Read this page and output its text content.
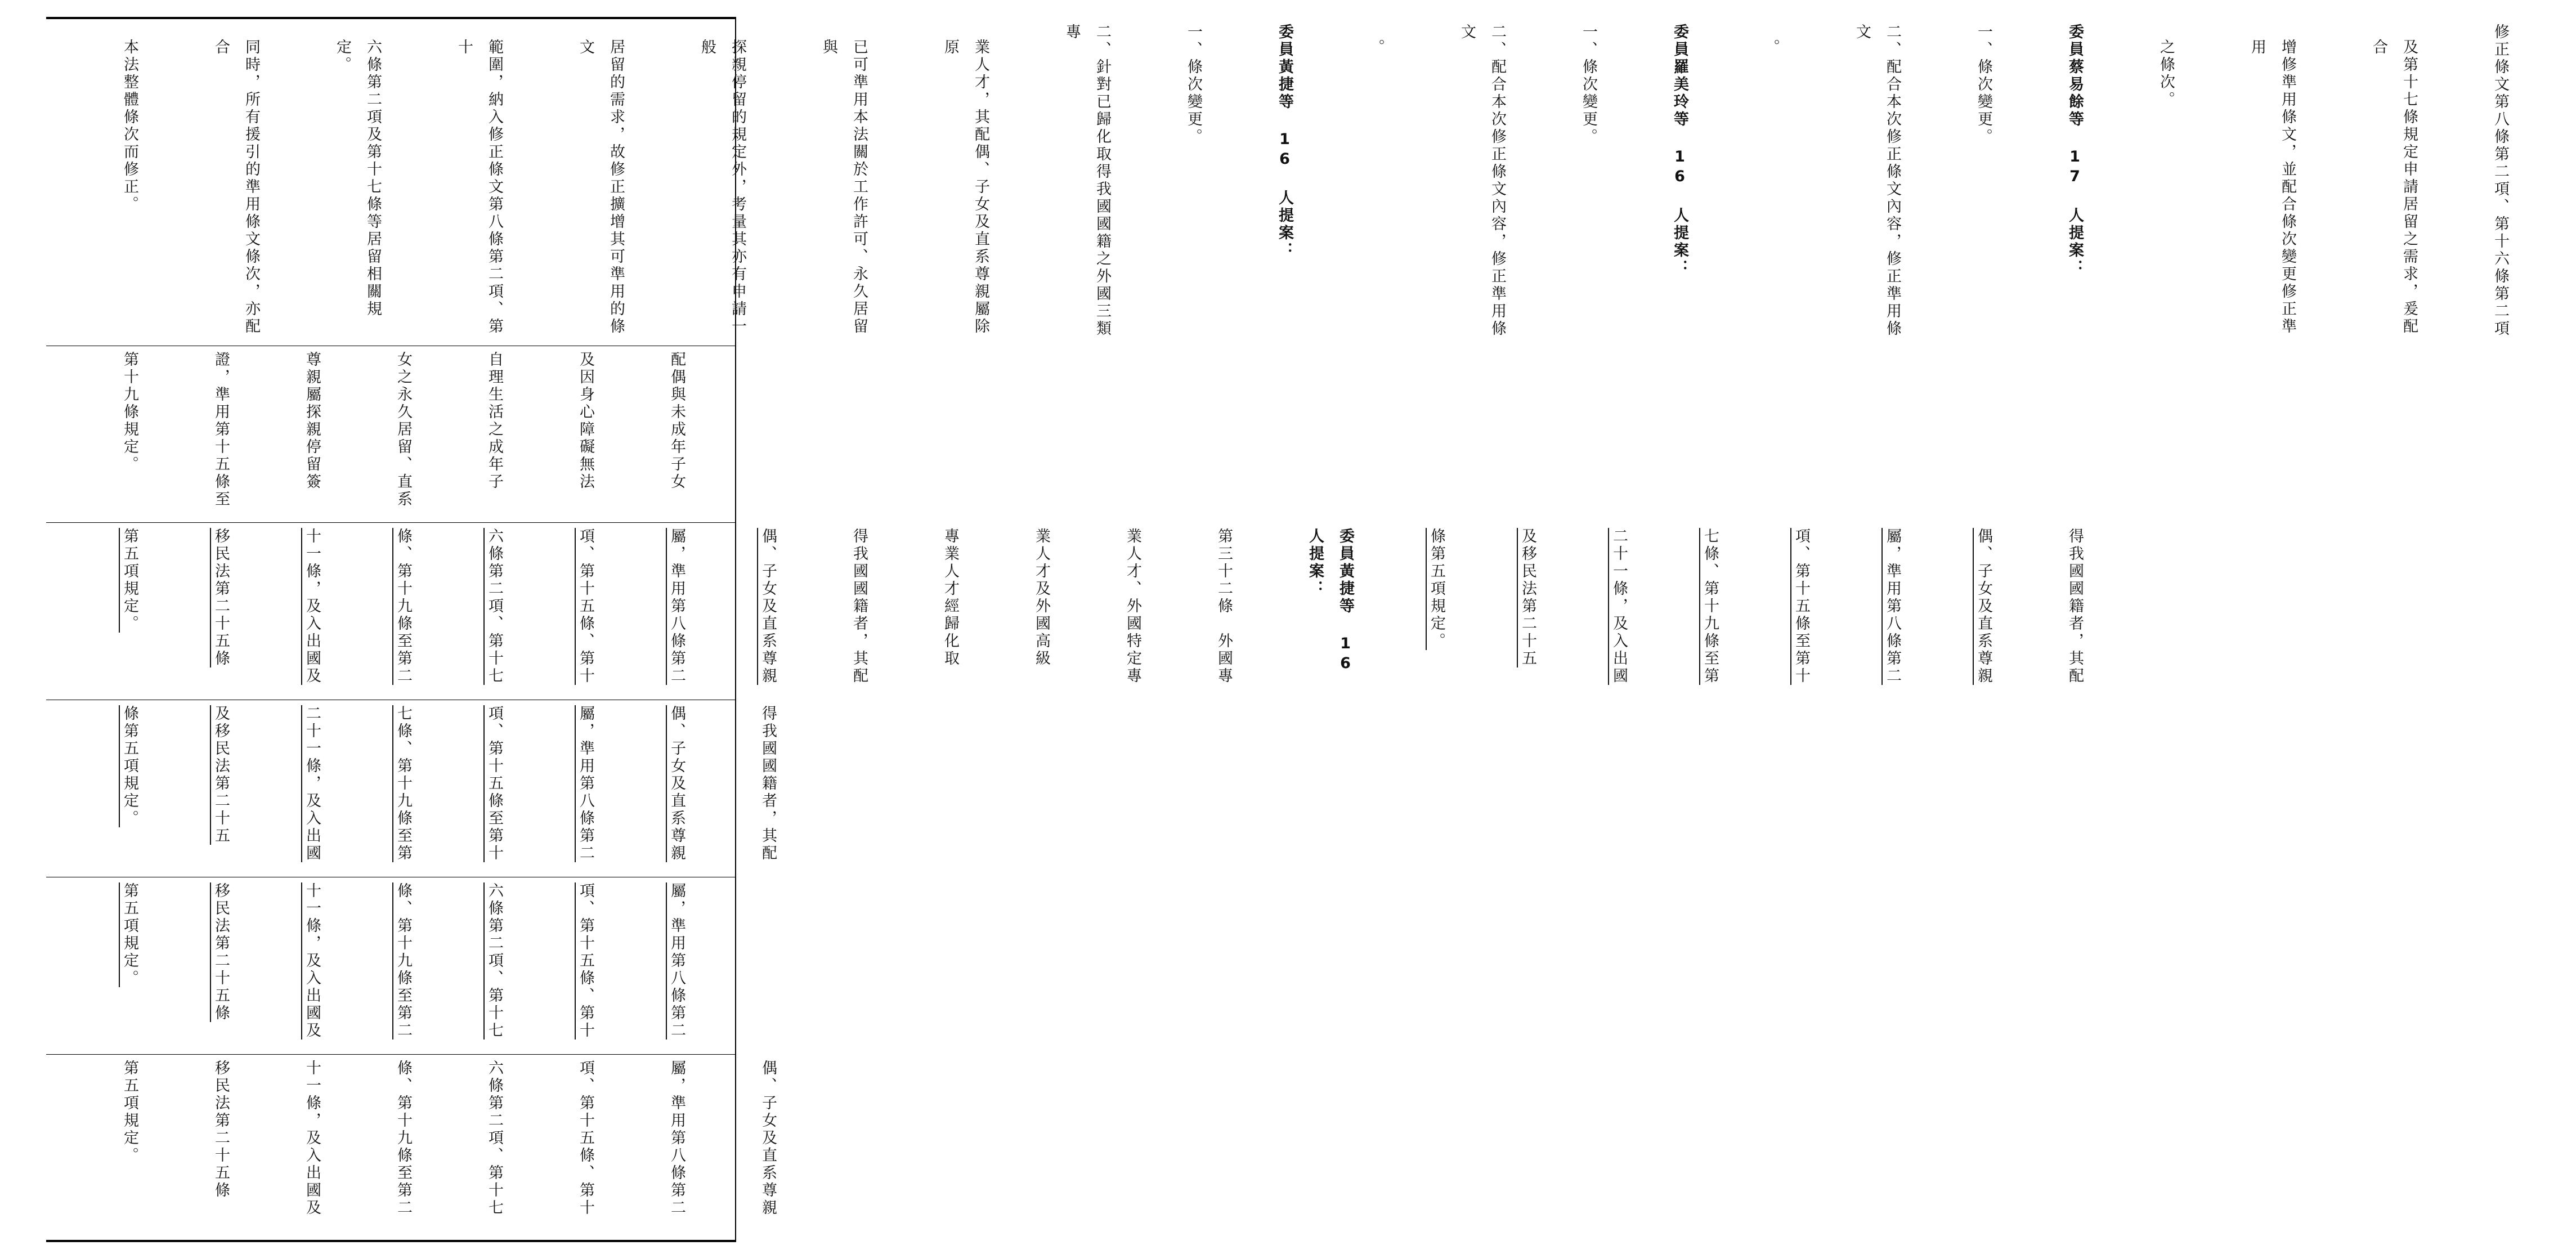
修正條文第八條第二項、第十六條第二項

及第十七條規定申請居留之需求，爰配合

增修準用條文，並配合條次變更修正準用

之條次。

委員蔡易餘等 17 人提案：

一、條次變更。

二、配合本次修正條文內容，修正準用條文

。

委員羅美玲等 16 人提案：

一、條次變更。

二、配合本次修正條文內容，修正準用條文

。

委員黃捷等 16 人提案：

一、條次變更。

二、針對已歸化取得我國國籍之外國三類專

業人才，其配偶、子女及直系尊親屬除原

已可準用本法關於工作許可、永久居留與

探親停留的規定外，考量其亦有申請一般

居留的需求，故修正擴增其可準用的條文

範圍，納入修正條文第八條第二項、第十

六條第二項及第十七條等居留相關規定。

同時，所有援引的準用條文條次，亦配合

本法整體條次而修正。

配偶與未成年子女

及因身心障礙無法

自理生活之成年子

女之永久居留、直系

尊親屬探親停留簽

證，準用第十五條至

第十九條規定。

得我國國籍者，其配

偶、子女及直系尊親

屬，準用第八條第二

項、第十五條至第十

七條、第十九條至第

二十一條，及入出國

及移民法第二十五

條第五項規定。

委員黃捷等 16 人提案：

第三十二條　外國專

業人才、外國特定專

業人才及外國高級

專業人才經歸化取

得我國國籍者，其配

偶、子女及直系尊親

屬，準用第八條第二

項、第十五條、第十

六條第二項、第十七

條、第十九條至第二

十一條，及入出國及

移民法第二十五條

第五項規定。

得我國國籍者，其配

偶、子女及直系尊親

屬，準用第八條第二

項、第十五條至第十

七條、第十九條至第

二十一條，及入出國

及移民法第二十五

條第五項規定。

屬，準用第八條第二

項、第十五條、第十

六條第二項、第十七

條、第十九條至第二

十一條，及入出國及

移民法第二十五條

第五項規定。

偶、子女及直系尊親

屬，準用第八條第二

項、第十五條、第十

六條第二項、第十七

條、第十九條至第二

十一條，及入出國及

移民法第二十五條

第五項規定。
